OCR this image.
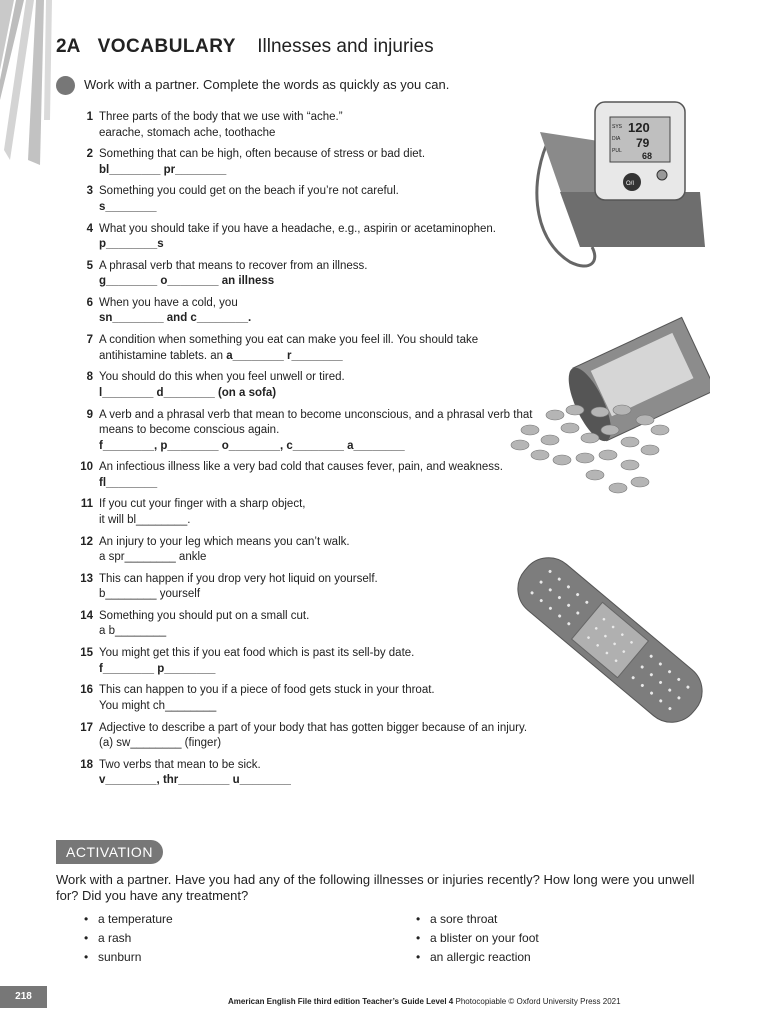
2A VOCABULARY Illnesses and injuries
Work with a partner. Complete the words as quickly as you can.
1 Three parts of the body that we use with “ache.”
earache, stomach ache, toothache
2 Something that can be high, often because of stress or bad diet.
bl________ pr________
3 Something you could get on the beach if you’re not careful.
s________
4 What you should take if you have a headache, e.g., aspirin or acetaminophen.
p________s
5 A phrasal verb that means to recover from an illness.
g________ o________ an illness
6 When you have a cold, you
sn________ and c________.
7 A condition when something you eat can make you feel ill. You should take antihistamine tablets. an a________ r________
8 You should do this when you feel unwell or tired.
l________ d________ (on a sofa)
9 A verb and a phrasal verb that mean to become unconscious, and a phrasal verb that means to become conscious again.
f________, p________ o________, c________ a________
10 An infectious illness like a very bad cold that causes fever, pain, and weakness. fl________
11 If you cut your finger with a sharp object,
it will bl________.
12 An injury to your leg which means you can’t walk.
a spr________ ankle
13 This can happen if you drop very hot liquid on yourself.
b________ yourself
14 Something you should put on a small cut.
a b________
15 You might get this if you eat food which is past its sell-by date.
f________ p________
16 This can happen to you if a piece of food gets stuck in your throat.
You might ch________
17 Adjective to describe a part of your body that has gotten bigger because of an injury. (a) sw________ (finger)
18 Two verbs that mean to be sick.
v________, thr________ u________
SYS
DIA
PUL
120
79
68
O/I
ACTIVATION
Work with a partner. Have you had any of the following illnesses or injuries recently? How long were you unwell for? Did you have any treatment?
• a temperature
• a rash
• sunburn
• a sore throat
• a blister on your foot
• an allergic reaction
218	American English File third edition Teacher’s Guide Level 4 Photocopiable © Oxford University Press 2021
